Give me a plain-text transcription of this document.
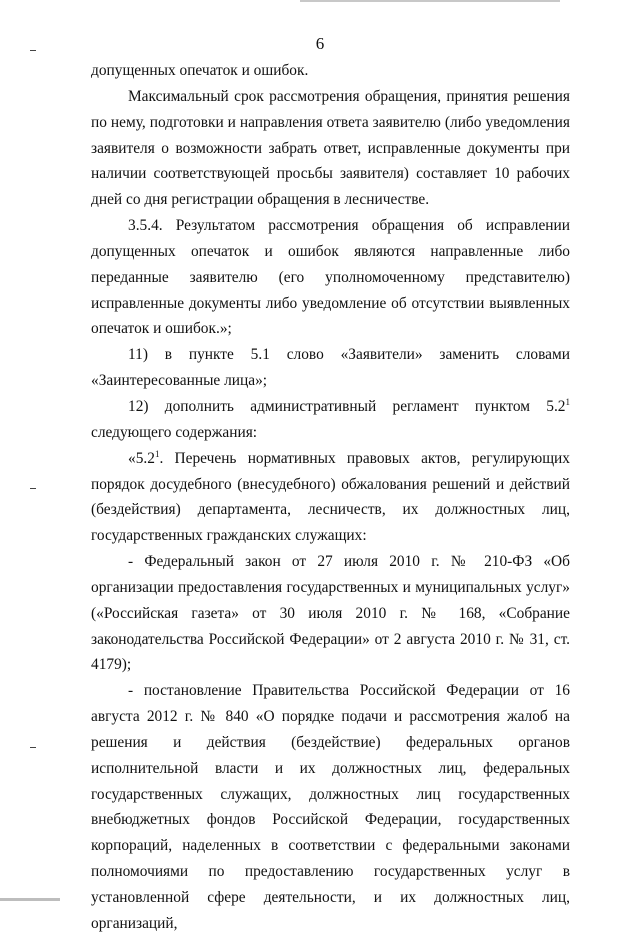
6

допущенных опечаток и ошибок.

Максимальный срок рассмотрения обращения, принятия решения по нему, подготовки и направления ответа заявителю (либо уведомления заявителя о возможности забрать ответ, исправленные документы при наличии соответствующей просьбы заявителя) составляет 10 рабочих дней со дня регистрации обращения в лесничестве.

3.5.4. Результатом рассмотрения обращения об исправлении допущенных опечаток и ошибок являются направленные либо переданные заявителю (его уполномоченному представителю) исправленные документы либо уведомление об отсутствии выявленных опечаток и ошибок.»;

11) в пункте 5.1 слово «Заявители» заменить словами «Заинтересованные лица»;

12) дополнить административный регламент пунктом $5.2^1$ следующего содержания:

«$5.2^1$. Перечень нормативных правовых актов, регулирующих порядок досудебного (внесудебного) обжалования решений и действий (бездействия) департамента, лесничеств, их должностных лиц, государственных гражданских служащих:

- Федеральный закон от 27 июля 2010 г. № 210-ФЗ «Об организации предоставления государственных и муниципальных услуг» («Российская газета» от 30 июля 2010 г. № 168, «Собрание законодательства Российской Федерации» от 2 августа 2010 г. № 31, ст. 4179);

- постановление Правительства Российской Федерации от 16 августа 2012 г. № 840 «О порядке подачи и рассмотрения жалоб на решения и действия (бездействие) федеральных органов исполнительной власти и их должностных лиц, федеральных государственных служащих, должностных лиц государственных внебюджетных фондов Российской Федерации, государственных корпораций, наделенных в соответствии с федеральными законами полномочиями по предоставлению государственных услуг в установленной сфере деятельности, и их должностных лиц, организаций,
